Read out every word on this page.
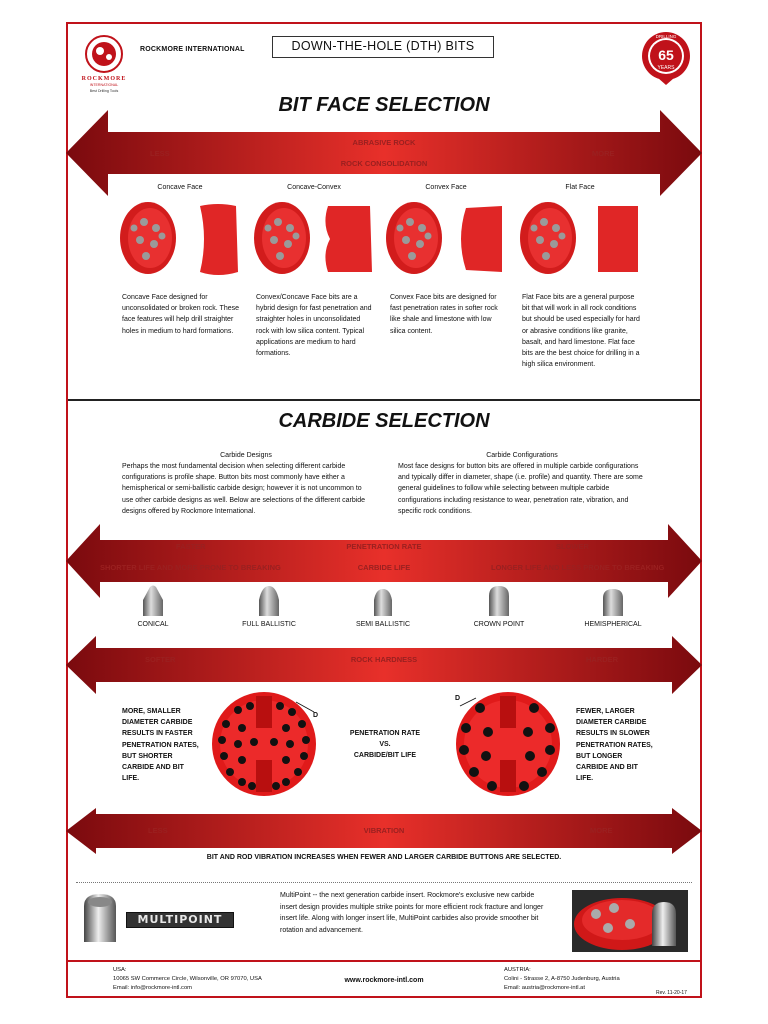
ROCKMORE
INTERNATIONAL
Best Drilling Tools
ROCKMORE INTERNATIONAL	DOWN-THE-HOLE (DTH) BITS
65
YEARS
DRILLING
BIT FACE SELECTION
ABRASIVE ROCK
ROCK CONSOLIDATION
LESS	MORE
Concave Face	Concave-Convex	Convex Face	Flat Face
Concave Face designed for unconsolidated or broken rock. These face features will help drill straighter holes in medium to hard formations.
Convex/Concave Face bits are a hybrid design for fast penetration and straighter holes in unconsolidated rock with low silica content. Typical applications are medium to hard formations.
Convex Face bits are designed for fast penetration rates in softer rock like shale and limestone with low silica content.
Flat Face bits are a general purpose bit that will work in all rock conditions but should be used especially for hard or abrasive conditions like granite, basalt, and hard limestone. Flat face bits are the best choice for drilling in a high silica environment.
CARBIDE SELECTION
Carbide Designs
Perhaps the most fundamental decision when selecting different carbide configurations is profile shape. Button bits most commonly have either a hemispherical or semi-ballistic carbide design; however it is not uncommon to use other carbide designs as well. Below are selections of the different carbide designs offered by Rockmore International.
Carbide Configurations
Most face designs for button bits are offered in multiple carbide configurations and typically differ in diameter, shape (i.e. profile) and quantity. There are some general guidelines to follow while selecting between multiple carbide configurations including resistance to wear, penetration rate, vibration, and specific rock conditions.
FASTER	PENETRATION RATE	SLOWER
SHORTER LIFE AND MORE PRONE TO BREAKING	CARBIDE LIFE	LONGER LIFE AND LESS PRONE TO BREAKING
CONICAL	FULL BALLISTIC	SEMI BALLISTIC	CROWN POINT	HEMISPHERICAL
SOFTER	ROCK HARDNESS	HARDER
MORE, SMALLER DIAMETER CARBIDE RESULTS IN FASTER PENETRATION RATES, BUT SHORTER CARBIDE AND BIT LIFE.
D
PENETRATION RATE
VS.
CARBIDE/BIT LIFE
D
FEWER, LARGER DIAMETER CARBIDE RESULTS IN SLOWER PENETRATION RATES, BUT LONGER CARBIDE AND BIT LIFE.
LESS	VIBRATION	MORE
BIT AND ROD VIBRATION INCREASES WHEN FEWER AND LARGER CARBIDE BUTTONS ARE SELECTED.
MULTIPOINT
MultiPoint -- the next generation carbide insert. Rockmore's exclusive new carbide insert design provides multiple strike points for more efficient rock fracture and longer insert life. Along with longer insert life, MultiPoint carbides also provide smoother bit rotation and advancement.
USA:
10065 SW Commerce Circle, Wilsonville, OR 97070, USA
Email: info@rockmore-intl.com
www.rockmore-intl.com
AUSTRIA:
Colini - Strasse 2, A-8750 Judenburg, Austria
Email: austria@rockmore-intl.at
Rev. 11-20-17
